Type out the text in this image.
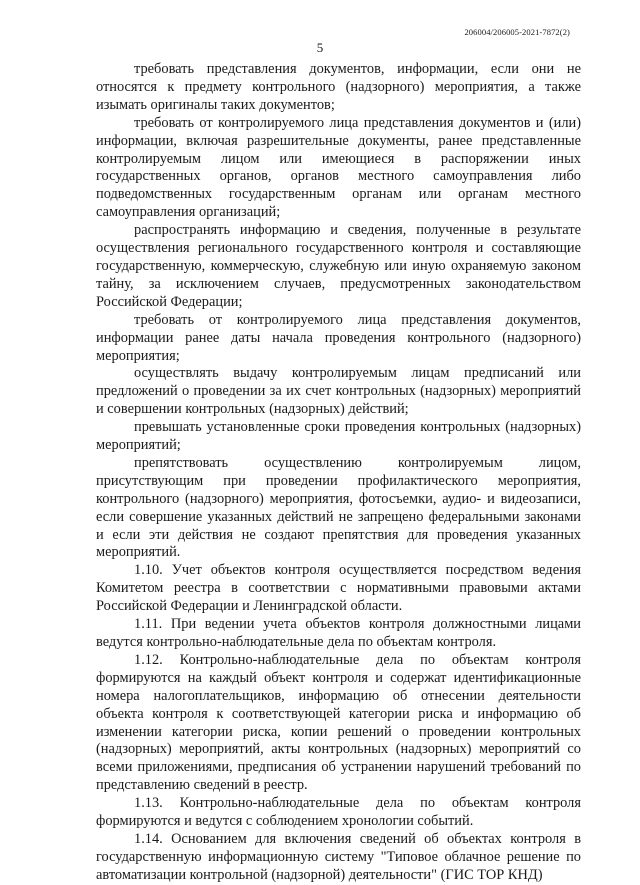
206004/206005-2021-7872(2)
5

требовать представления документов, информации, если они не относятся к предмету контрольного (надзорного) мероприятия, а также изымать оригиналы таких документов;

требовать от контролируемого лица представления документов и (или) информации, включая разрешительные документы, ранее представленные контролируемым лицом или имеющиеся в распоряжении иных государственных органов, органов местного самоуправления либо подведомственных государственным органам или органам местного самоуправления организаций;

распространять информацию и сведения, полученные в результате осуществления регионального государственного контроля и составляющие государственную, коммерческую, служебную или иную охраняемую законом тайну, за исключением случаев, предусмотренных законодательством Российской Федерации;

требовать от контролируемого лица представления документов, информации ранее даты начала проведения контрольного (надзорного) мероприятия;

осуществлять выдачу контролируемым лицам предписаний или предложений о проведении за их счет контрольных (надзорных) мероприятий и совершении контрольных (надзорных) действий;

превышать установленные сроки проведения контрольных (надзорных) мероприятий;

препятствовать осуществлению контролируемым лицом, присутствующим при проведении профилактического мероприятия, контрольного (надзорного) мероприятия, фотосъемки, аудио- и видеозаписи, если совершение указанных действий не запрещено федеральными законами и если эти действия не создают препятствия для проведения указанных мероприятий.

1.10. Учет объектов контроля осуществляется посредством ведения Комитетом реестра в соответствии с нормативными правовыми актами Российской Федерации и Ленинградской области.

1.11. При ведении учета объектов контроля должностными лицами ведутся контрольно-наблюдательные дела по объектам контроля.

1.12. Контрольно-наблюдательные дела по объектам контроля формируются на каждый объект контроля и содержат идентификационные номера налогоплательщиков, информацию об отнесении деятельности объекта контроля к соответствующей категории риска и информацию об изменении категории риска, копии решений о проведении контрольных (надзорных) мероприятий, акты контрольных (надзорных) мероприятий со всеми приложениями, предписания об устранении нарушений требований по представлению сведений в реестр.

1.13. Контрольно-наблюдательные дела по объектам контроля формируются и ведутся с соблюдением хронологии событий.

1.14. Основанием для включения сведений об объектах контроля в государственную информационную систему "Типовое облачное решение по автоматизации контрольной (надзорной) деятельности" (ГИС ТОР КНД)
